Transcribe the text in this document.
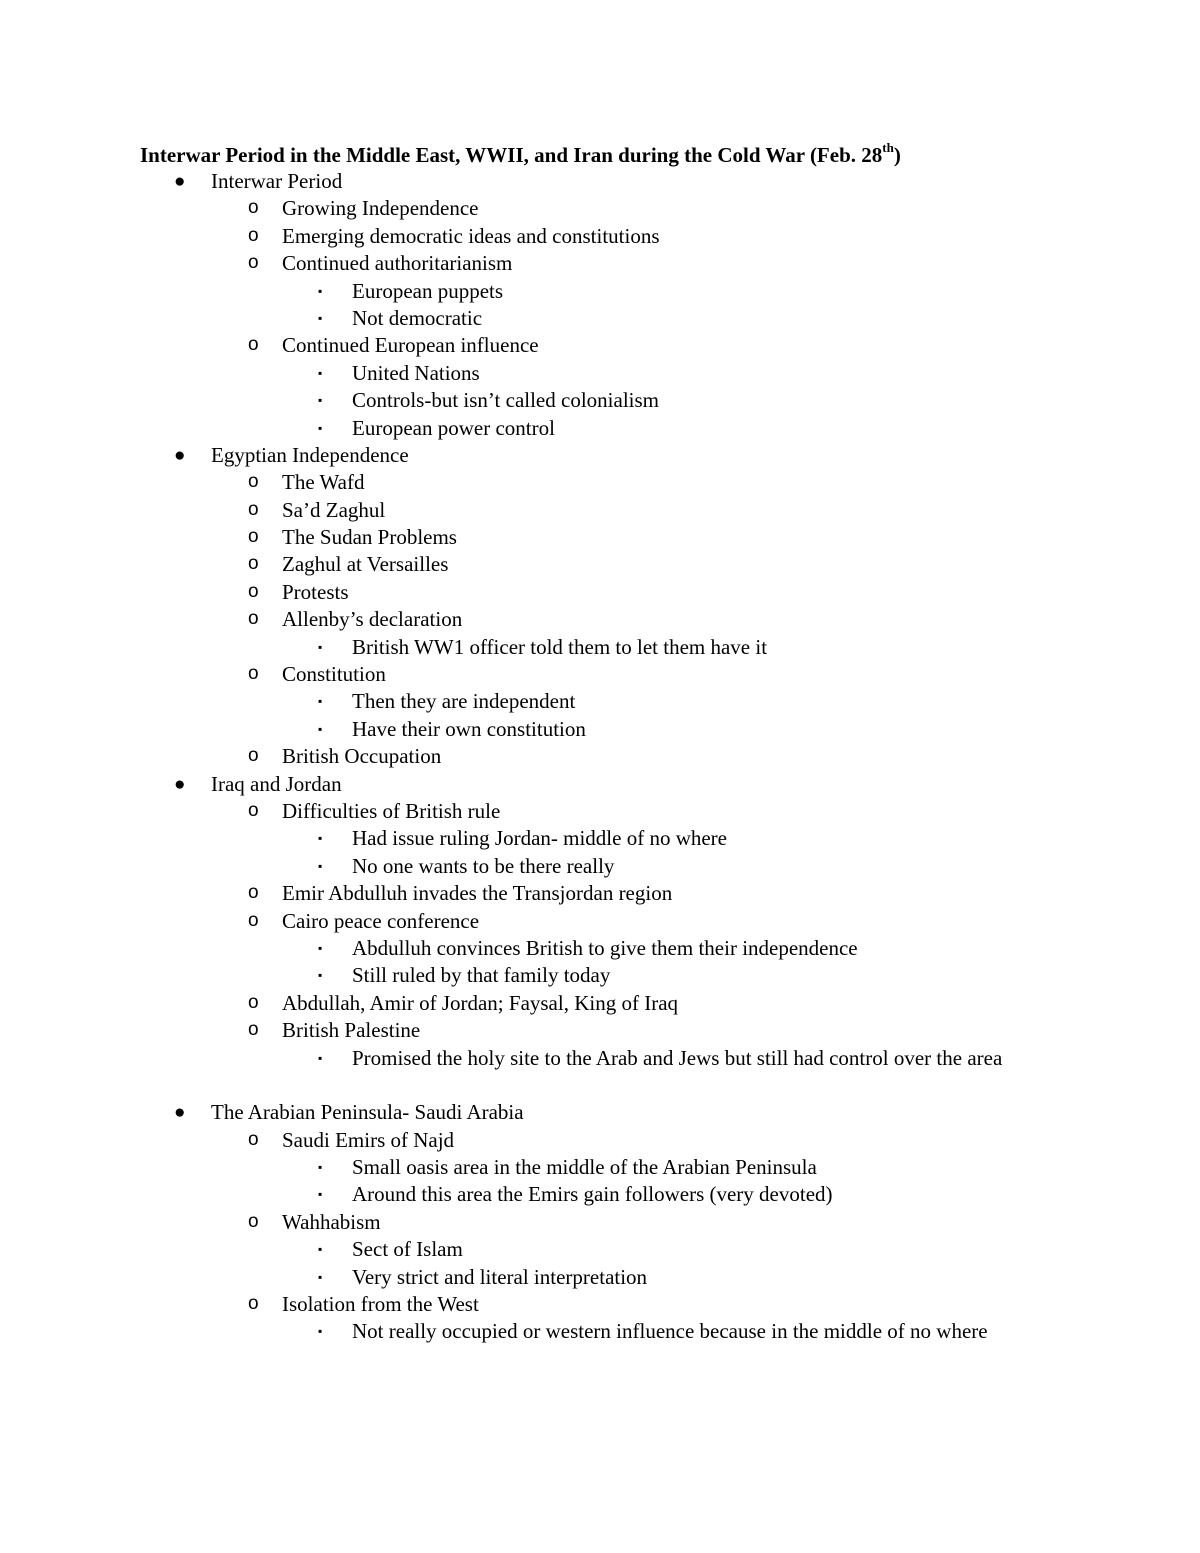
Interwar Period in the Middle East, WWII, and Iran during the Cold War (Feb. 28th)
● Interwar Period
o Growing Independence
o Emerging democratic ideas and constitutions
o Continued authoritarianism
▪ European puppets
▪ Not democratic
o Continued European influence
▪ United Nations
▪ Controls-but isn’t called colonialism
▪ European power control
● Egyptian Independence
o The Wafd
o Sa’d Zaghul
o The Sudan Problems
o Zaghul at Versailles
o Protests
o Allenby’s declaration
▪ British WW1 officer told them to let them have it
o Constitution
▪ Then they are independent
▪ Have their own constitution
o British Occupation
● Iraq and Jordan
o Difficulties of British rule
▪ Had issue ruling Jordan- middle of no where
▪ No one wants to be there really
o Emir Abdulluh invades the Transjordan region
o Cairo peace conference
▪ Abdulluh convinces British to give them their independence
▪ Still ruled by that family today
o Abdullah, Amir of Jordan; Faysal, King of Iraq
o British Palestine
▪ Promised the holy site to the Arab and Jews but still had control over the area
● The Arabian Peninsula- Saudi Arabia
o Saudi Emirs of Najd
▪ Small oasis area in the middle of the Arabian Peninsula
▪ Around this area the Emirs gain followers (very devoted)
o Wahhabism
▪ Sect of Islam
▪ Very strict and literal interpretation
o Isolation from the West
▪ Not really occupied or western influence because in the middle of no where
